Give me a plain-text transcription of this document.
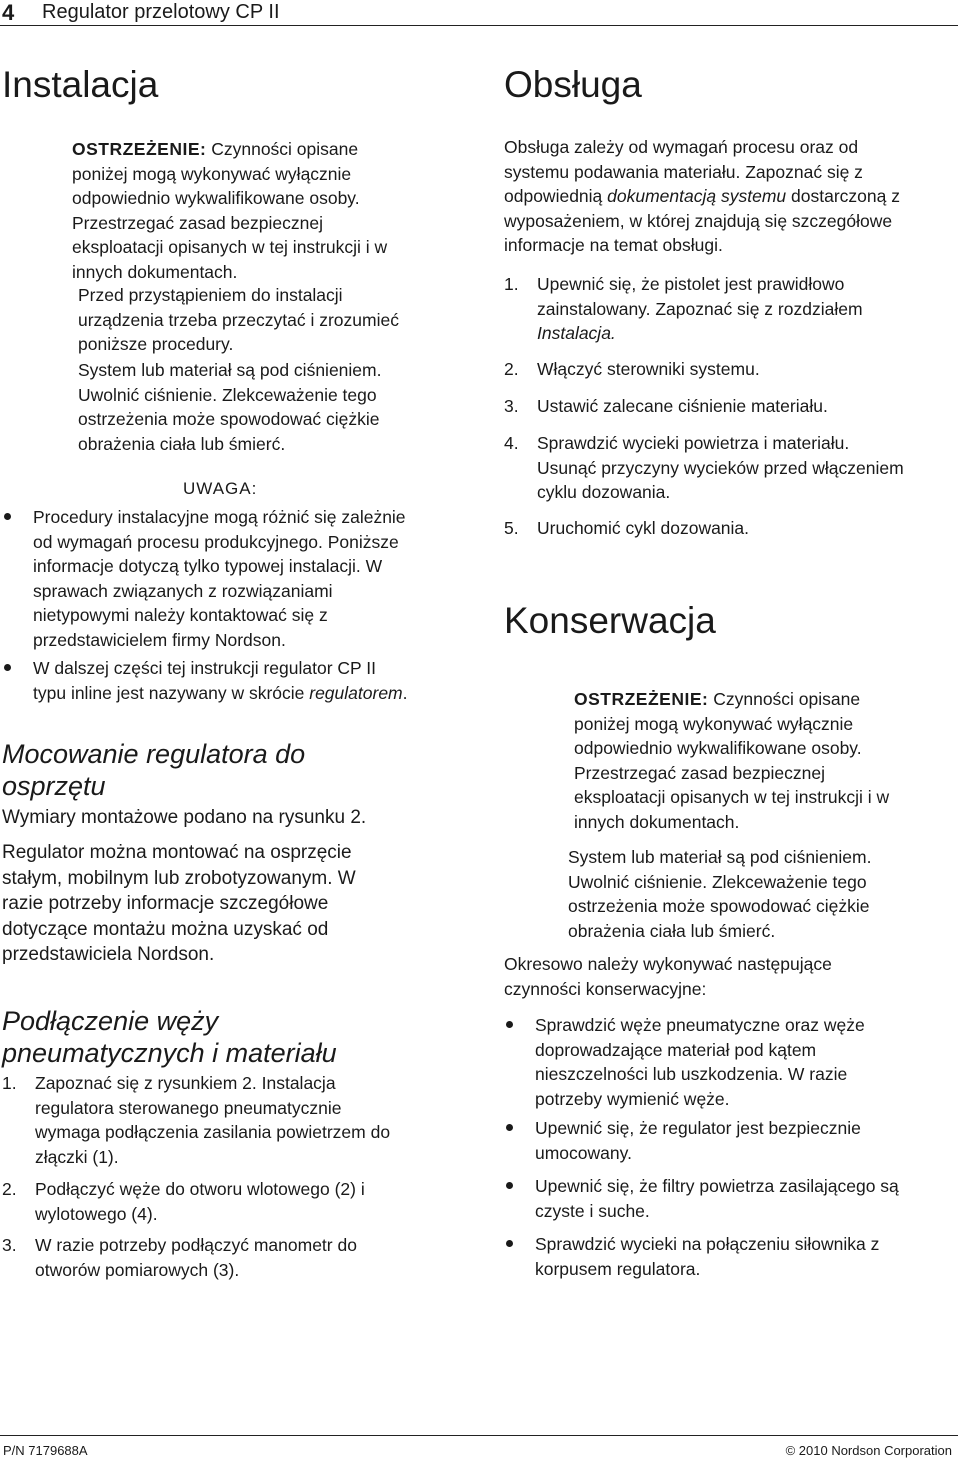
4 Regulator przelotowy CP II
Instalacja
OSTRZEŻENIE: Czynności opisane
poniżej mogą wykonywać wyłącznie
odpowiednio wykwalifikowane osoby.
Przestrzegać zasad bezpiecznej
eksploatacji opisanych w tej instrukcji i w
innych dokumentach.
Przed przystąpieniem do instalacji
urządzenia trzeba przeczytać i zrozumieć
poniższe procedury.
System lub materiał są pod ciśnieniem.
Uwolnić ciśnienie. Zlekceważenie tego
ostrzeżenia może spowodować ciężkie
obrażenia ciała lub śmierć.
UWAGA:
Procedury instalacyjne mogą różnić się zależnie
od wymagań procesu produkcyjnego. Poniższe
informacje dotyczą tylko typowej instalacji. W
sprawach związanych z rozwiązaniami
nietypowymi należy kontaktować się z
przedstawicielem firmy Nordson.
W dalszej części tej instrukcji regulator CP II
typu inline jest nazywany w skrócie regulatorem.
Mocowanie regulatora do
osprzętu
Wymiary montażowe podano na rysunku 2.
Regulator można montować na osprzęcie
stałym, mobilnym lub zrobotyzowanym. W
razie potrzeby informacje szczegółowe
dotyczące montażu można uzyskać od
przedstawiciela Nordson.
Podłączenie węży
pneumatycznych i materiału
1. Zapoznać się z rysunkiem 2. Instalacja
regulatora sterowanego pneumatycznie
wymaga podłączenia zasilania powietrzem do
złączki (1).
2. Podłączyć węże do otworu wlotowego (2) i
wylotowego (4).
3. W razie potrzeby podłączyć manometr do
otworów pomiarowych (3).
Obsługa
Obsługa zależy od wymagań procesu oraz od
systemu podawania materiału. Zapoznać się z
odpowiednią dokumentacją systemu dostarczoną z
wyposażeniem, w której znajdują się szczegółowe
informacje na temat obsługi.
1. Upewnić się, że pistolet jest prawidłowo
zainstalowany. Zapoznać się z rozdziałem
Instalacja.
2. Włączyć sterowniki systemu.
3. Ustawić zalecane ciśnienie materiału.
4. Sprawdzić wycieki powietrza i materiału.
Usunąć przyczyny wycieków przed włączeniem
cyklu dozowania.
5. Uruchomić cykl dozowania.
Konserwacja
OSTRZEŻENIE: Czynności opisane
poniżej mogą wykonywać wyłącznie
odpowiednio wykwalifikowane osoby.
Przestrzegać zasad bezpiecznej
eksploatacji opisanych w tej instrukcji i w
innych dokumentach.
System lub materiał są pod ciśnieniem.
Uwolnić ciśnienie. Zlekceważenie tego
ostrzeżenia może spowodować ciężkie
obrażenia ciała lub śmierć.
Okresowo należy wykonywać następujące
czynności konserwacyjne:
Sprawdzić węże pneumatyczne oraz węże
doprowadzające materiał pod kątem
nieszczelności lub uszkodzenia. W razie
potrzeby wymienić węże.
Upewnić się, że regulator jest bezpiecznie
umocowany.
Upewnić się, że filtry powietrza zasilającego są
czyste i suche.
Sprawdzić wycieki na połączeniu siłownika z
korpusem regulatora.
P/N 7179688A	© 2010 Nordson Corporation
